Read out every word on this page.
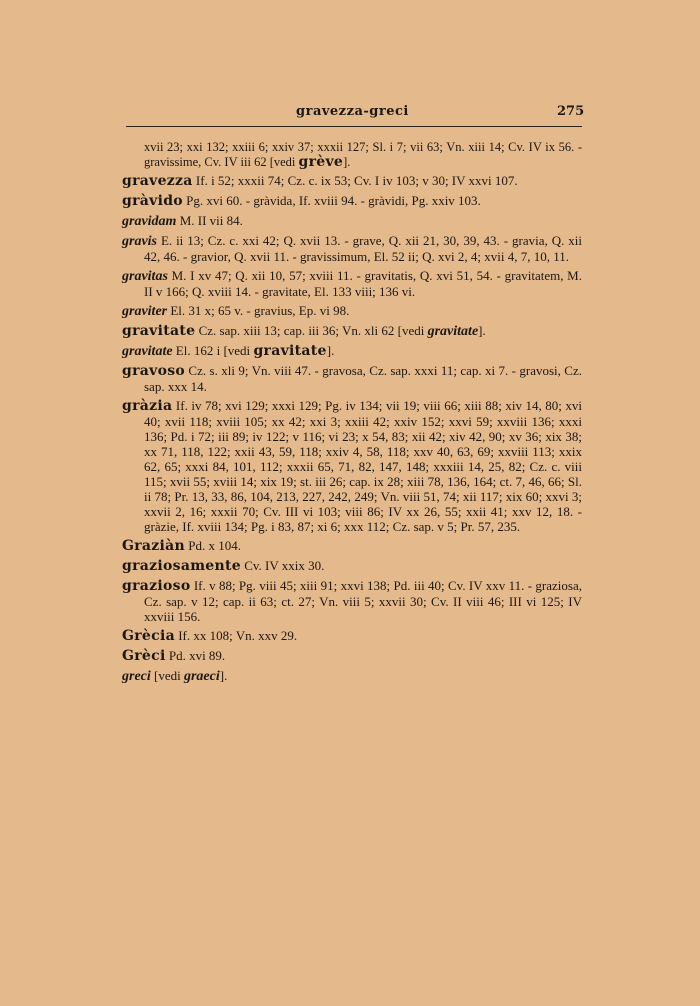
gravezza-greci	275

xvii 23; xxi 132; xxiii 6; xxiv 37; xxxii 127; Sl. i 7; vii 63; Vn. xiii 14; Cv. IV ix 56. - gravissime, Cv. IV iii 62 [vedi grève].

gravezza If. i 52; xxxii 74; Cz. c. ix 53; Cv. I iv 103; v 30; IV xxvi 107.

gràvido Pg. xvi 60. - gràvida, If. xviii 94. - gràvidi, Pg. xxiv 103.

gravidam M. II vii 84.

gravis E. ii 13; Cz. c. xxi 42; Q. xvii 13. - grave, Q. xii 21, 30, 39, 43. - gravia, Q. xii 42, 46. - gravior, Q. xvii 11. - gravissimum, El. 52 ii; Q. xvi 2, 4; xvii 4, 7, 10, 11.

gravitas M. I xv 47; Q. xii 10, 57; xviii 11. - gravitatis, Q. xvi 51, 54. - gravitatem, M. II v 166; Q. xviii 14. - gravitate, El. 133 viii; 136 vi.

graviter El. 31 x; 65 v. - gravius, Ep. vi 98.

gravitate Cz. sap. xiii 13; cap. iii 36; Vn. xli 62 [vedi gravitate].

gravitate El. 162 i [vedi gravitate].

gravoso Cz. s. xli 9; Vn. viii 47. - gravosa, Cz. sap. xxxi 11; cap. xi 7. - gravosi, Cz. sap. xxx 14.

gràzia If. iv 78; xvi 129; xxxi 129; Pg. iv 134; vii 19; viii 66; xiii 88; xiv 14, 80; xvi 40; xvii 118; xviii 105; xx 42; xxi 3; xxiii 42; xxiv 152; xxvi 59; xxviii 136; xxxi 136; Pd. i 72; iii 89; iv 122; v 116; vi 23; x 54, 83; xii 42; xiv 42, 90; xv 36; xix 38; xx 71, 118, 122; xxii 43, 59, 118; xxiv 4, 58, 118; xxv 40, 63, 69; xxviii 113; xxix 62, 65; xxxi 84, 101, 112; xxxii 65, 71, 82, 147, 148; xxxiii 14, 25, 82; Cz. c. viii 115; xvii 55; xviii 14; xix 19; st. iii 26; cap. ix 28; xiii 78, 136, 164; ct. 7, 46, 66; Sl. ii 78; Pr. 13, 33, 86, 104, 213, 227, 242, 249; Vn. viii 51, 74; xii 117; xix 60; xxvi 3; xxvii 2, 16; xxxii 70; Cv. III vi 103; viii 86; IV xx 26, 55; xxii 41; xxv 12, 18. - gràzie, If. xviii 134; Pg. i 83, 87; xi 6; xxx 112; Cz. sap. v 5; Pr. 57, 235.

Graziàn Pd. x 104.

graziosamente Cv. IV xxix 30.

grazioso If. v 88; Pg. viii 45; xiii 91; xxvi 138; Pd. iii 40; Cv. IV xxv 11. - graziosa, Cz. sap. v 12; cap. ii 63; ct. 27; Vn. viii 5; xxvii 30; Cv. II viii 46; III vi 125; IV xxviii 156.

Grècia If. xx 108; Vn. xxv 29.

Grèci Pd. xvi 89.

greci [vedi graeci].
